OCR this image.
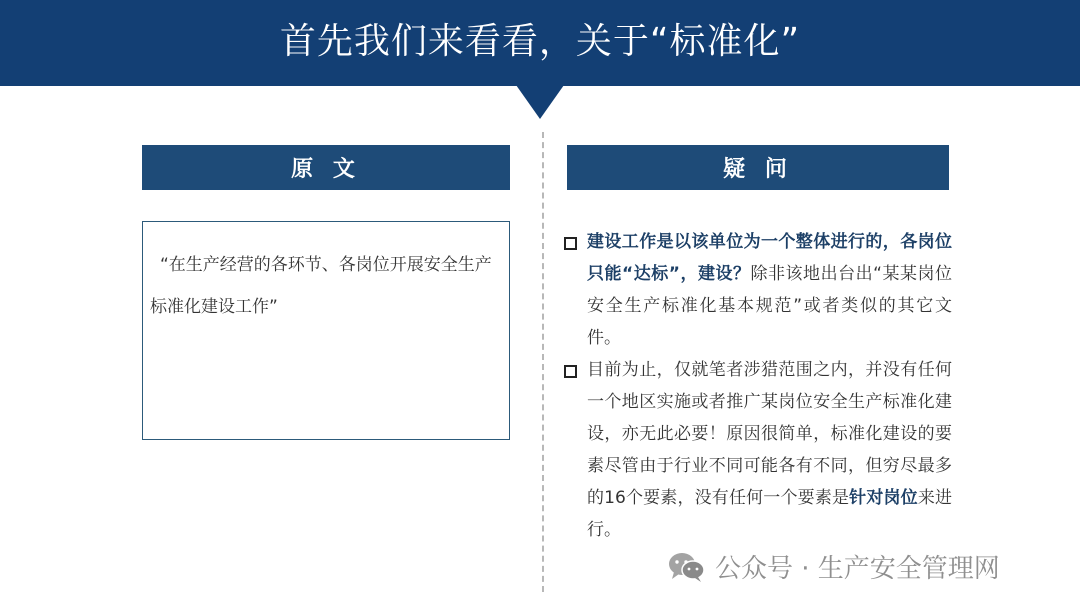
首先我们来看看，关于“标准化”
原 文	疑 问
“在生产经营的各环节、各岗位开展安全生产标准化建设工作”
建设工作是以该单位为一个整体进行的，各岗位只能“达标”，建设？除非该地出台出“某某岗位安全生产标准化基本规范”或者类似的其它文件。
目前为止，仅就笔者涉猎范围之内，并没有任何一个地区实施或者推广某岗位安全生产标准化建设，亦无此必要！原因很简单，标准化建设的要素尽管由于行业不同可能各有不同，但穷尽最多的16个要素，没有任何一个要素是针对岗位来进行。
公众号 · 生产安全管理网
